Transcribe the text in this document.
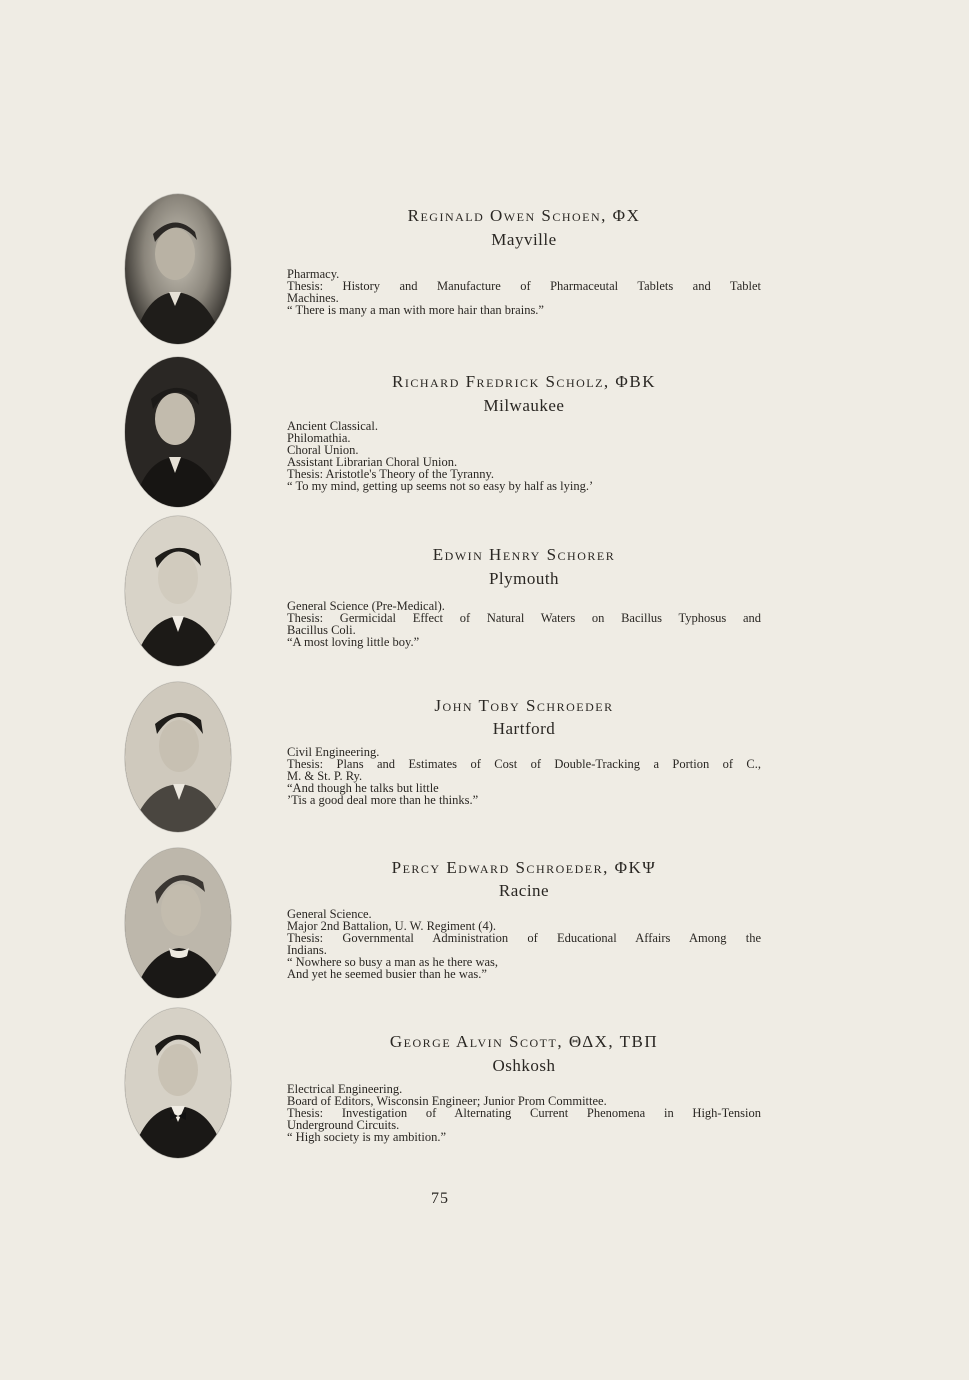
Reginald Owen Schoen, ΦX
Mayville
Pharmacy.
Thesis: History and Manufacture of Pharmaceutal Tablets and Tablet
Machines.
“ There is many a man with more hair than brains.”
Richard Fredrick Scholz, ΦBK
Milwaukee
Ancient Classical.
Philomathia.
Choral Union.
Assistant Librarian Choral Union.
Thesis: Aristotle's Theory of the Tyranny.
“ To my mind, getting up seems not so easy by half as lying.’
Edwin Henry Schorer
Plymouth
General Science (Pre-Medical).
Thesis: Germicidal Effect of Natural Waters on Bacillus Typhosus and
Bacillus Coli.
“A most loving little boy.”
John Toby Schroeder
Hartford
Civil Engineering.
Thesis: Plans and Estimates of Cost of Double-Tracking a Portion of C.,
M. & St. P. Ry.
“And though he talks but little
’Tis a good deal more than he thinks.”
Percy Edward Schroeder, ΦKΨ
Racine
General Science.
Major 2nd Battalion, U. W. Regiment (4).
Thesis: Governmental Administration of Educational Affairs Among the
Indians.
“ Nowhere so busy a man as he there was,
And yet he seemed busier than he was.”
George Alvin Scott, ΘΔX, TBΠ
Oshkosh
Electrical Engineering.
Board of Editors, Wisconsin Engineer; Junior Prom Committee.
Thesis: Investigation of Alternating Current Phenomena in High-Tension
Underground Circuits.
“ High society is my ambition.”
75
